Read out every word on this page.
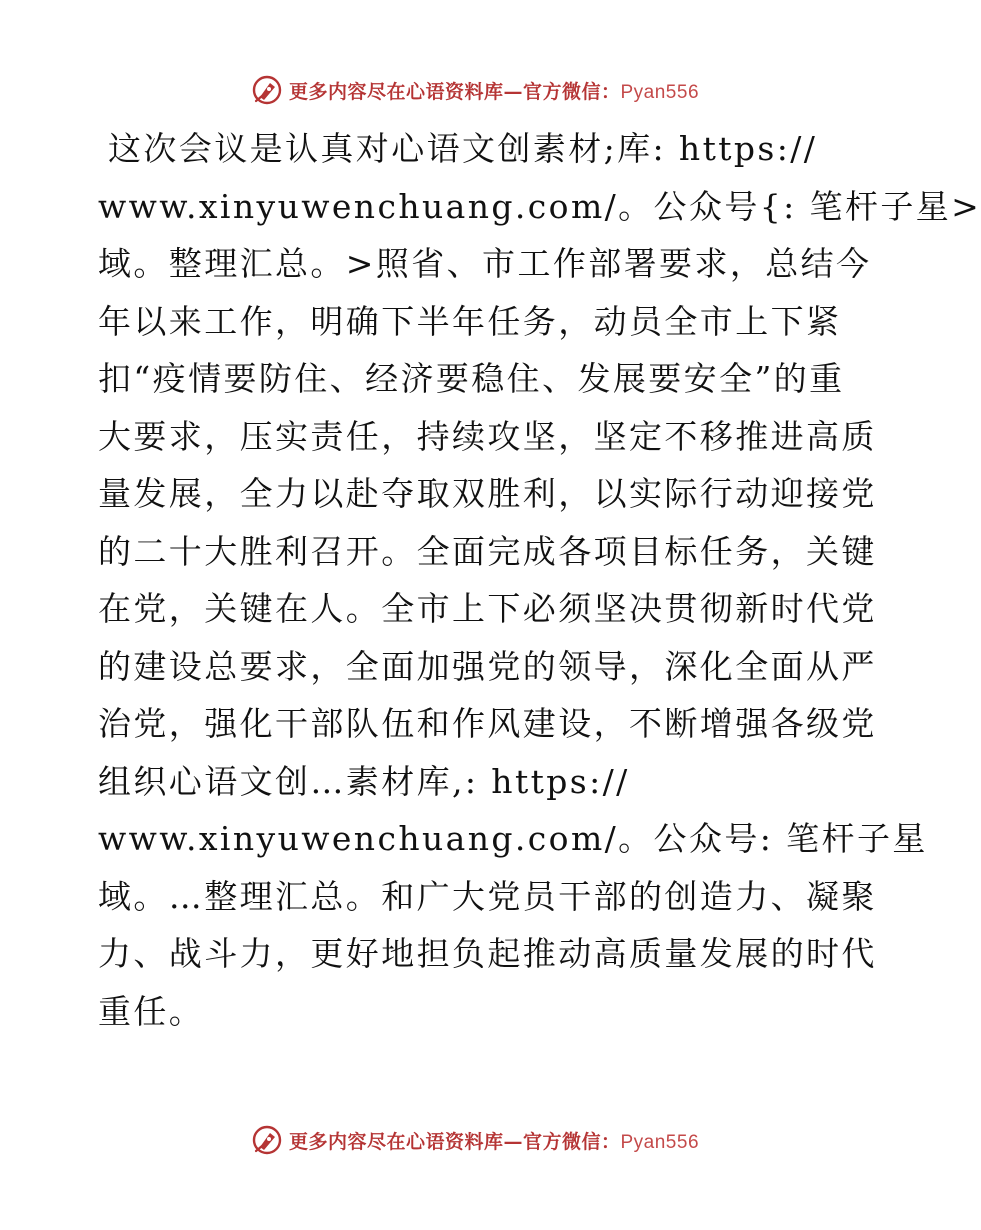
更多内容尽在心语资料库—官方微信：Pyan556
这次会议是认真对心语文创素材;库: https://
www.xinyuwenchuang.com/。公众号{: 笔杆子星>
域。整理汇总。>照省、市工作部署要求，总结今
年以来工作，明确下半年任务，动员全市上下紧
扣“疫情要防住、经济要稳住、发展要安全”的重
大要求，压实责任，持续攻坚，坚定不移推进高质
量发展，全力以赴夺取双胜利，以实际行动迎接党
的二十大胜利召开。全面完成各项目标任务，关键
在党，关键在人。全市上下必须坚决贯彻新时代党
的建设总要求，全面加强党的领导，深化全面从严
治党，强化干部队伍和作风建设，不断增强各级党
组织心语文创…素材库,: https://
www.xinyuwenchuang.com/。公众号: 笔杆子星
域。…整理汇总。和广大党员干部的创造力、凝聚
力、战斗力，更好地担负起推动高质量发展的时代
重任。
更多内容尽在心语资料库—官方微信：Pyan556
